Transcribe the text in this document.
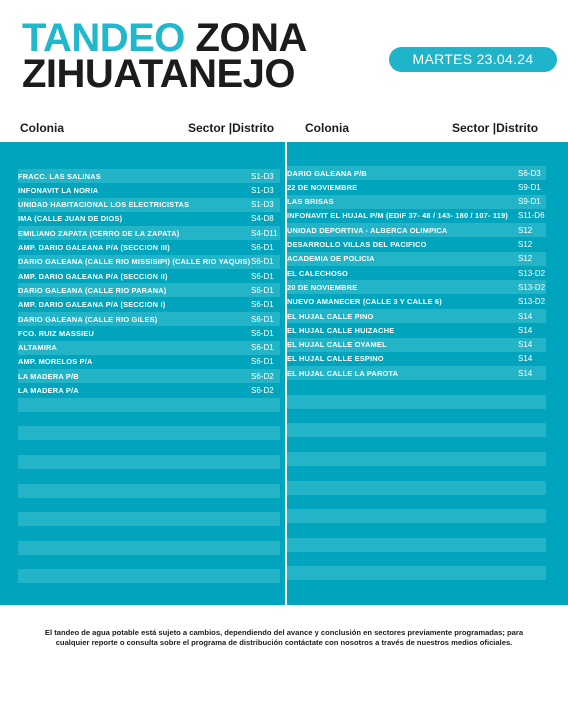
TANDEO ZONA
ZIHUATANEJO	MARTES 23.04.24
Colonia	Sector |Distrito	Colonia	Sector |Distrito
FRACC. LAS SALINAS	S1-D3
INFONAVIT LA NORIA	S1-D3
UNIDAD HABITACIONAL LOS ELECTRICISTAS	S1-D3
IMA (CALLE JUAN DE DIOS)	S4-D8
EMILIANO ZAPATA (CERRO DE LA ZAPATA)	S4-D11
AMP. DARIO GALEANA P/A (SECCION III)	S6-D1
DARIO GALEANA (CALLE RIO MISSISIPI) (CALLE RIO YAQUIS) S6-D1
AMP. DARIO GALEANA P/A (SECCION II)	S6-D1
DARIO GALEANA (CALLE RIO PARANA)	S6-D1
AMP. DARIO GALEANA P/A (SECCION I)	S6-D1
DARIO GALEANA (CALLE RIO GILES)	S6-D1
FCO. RUIZ MASSIEU	S6-D1
ALTAMIRA	S6-D1
AMP. MORELOS P/A	S6-D1
LA MADERA P/B	S6-D2
LA MADERA P/A	S6-D2
DARIO GALEANA P/B	S6-D3
22 DE NOVIEMBRE	S9-D1
LAS BRISAS	S9-D1
INFONAVIT EL HUJAL P/M (EDIF 37- 48 / 143- 180 / 107- 119)	S11-D6
UNIDAD DEPORTIVA - ALBERCA OLIMPICA	S12
DESARROLLO VILLAS DEL PACIFICO	S12
ACADEMIA DE POLICIA	S12
EL CALECHOSO	S13-D2
20 DE NOVIEMBRE	S13-D2
NUEVO AMANECER (CALLE 3 Y CALLE 6)	S13-D2
EL HUJAL CALLE PINO	S14
EL HUJAL CALLE HUIZACHE	S14
EL HUJAL CALLE OYAMEL	S14
EL HUJAL CALLE ESPINO	S14
EL HUJAL CALLE LA PAROTA	S14
El tandeo de agua potable está sujeto a cambios, dependiendo del avance y conclusión en sectores previamente programadas; para cualquier reporte o consulta sobre el programa de distribución contáctate con nosotros a través de nuestros medios oficiales.
